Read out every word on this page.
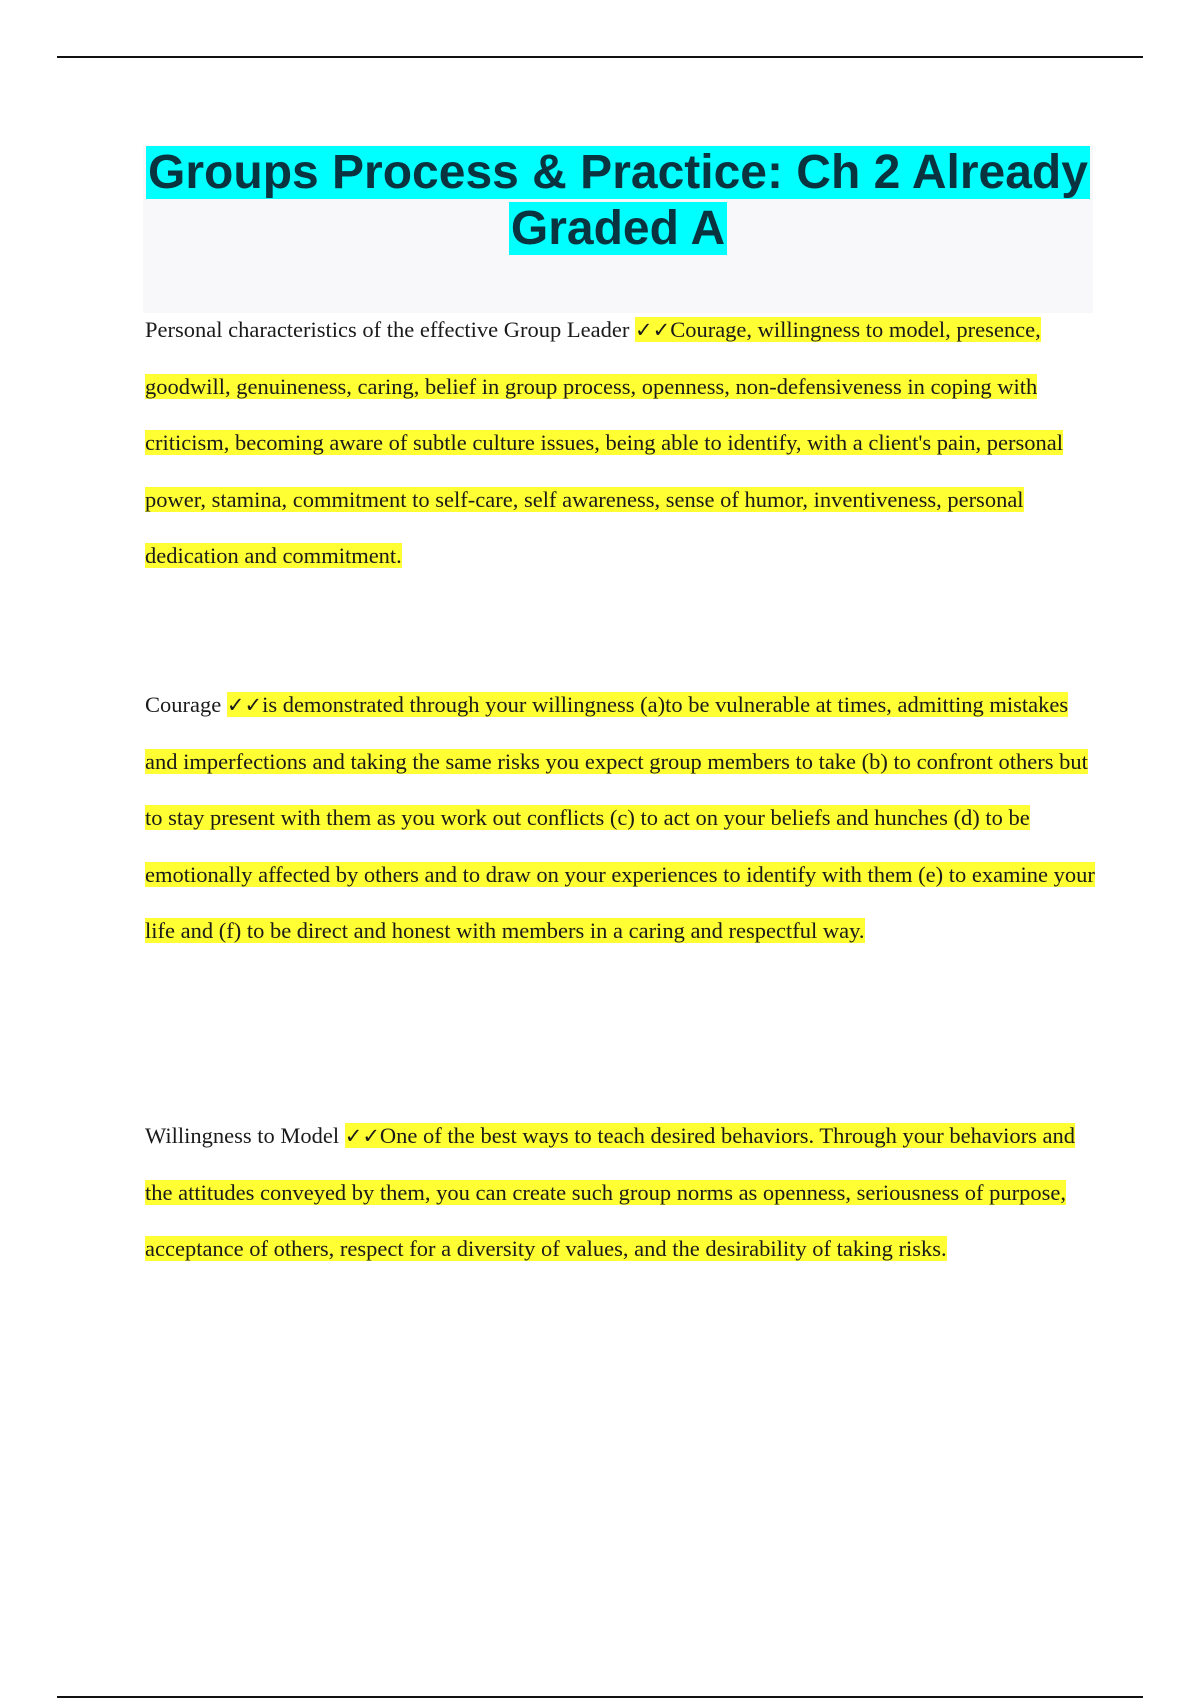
Groups Process & Practice: Ch 2 Already Graded A

Personal characteristics of the effective Group Leader ✓✓Courage, willingness to model, presence, goodwill, genuineness, caring, belief in group process, openness, non-defensiveness in coping with criticism, becoming aware of subtle culture issues, being able to identify, with a client's pain, personal power, stamina, commitment to self-care, self awareness, sense of humor, inventiveness, personal dedication and commitment.

Courage ✓✓is demonstrated through your willingness (a)to be vulnerable at times, admitting mistakes and imperfections and taking the same risks you expect group members to take (b) to confront others but to stay present with them as you work out conflicts (c) to act on your beliefs and hunches (d) to be emotionally affected by others and to draw on your experiences to identify with them (e) to examine your life and (f) to be direct and honest with members in a caring and respectful way.

Willingness to Model ✓✓One of the best ways to teach desired behaviors. Through your behaviors and the attitudes conveyed by them, you can create such group norms as openness, seriousness of purpose, acceptance of others, respect for a diversity of values, and the desirability of taking risks.
